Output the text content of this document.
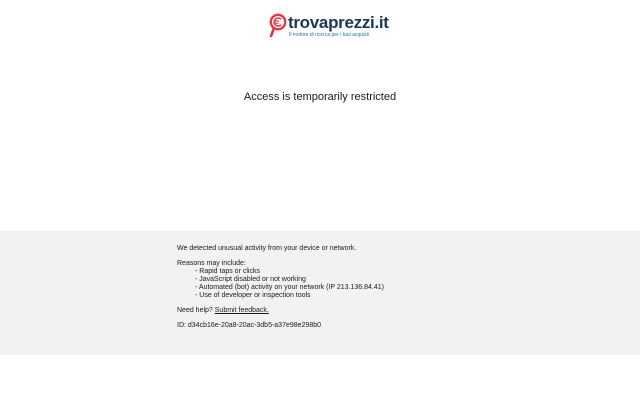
trovaprezzi.it
Il motore di ricerca per i tuoi acquisti
Access is temporarily restricted

We detected unusual activity from your device or network.

Reasons may include:

- Rapid taps or clicks
- JavaScript disabled or not working
- Automated (bot) activity on your network (IP 213.136.84.41)
- Use of developer or inspection tools

Need help? Submit feedback.

ID: d34cb16e-20a8-20ac-3db5-a37e98e298b0
